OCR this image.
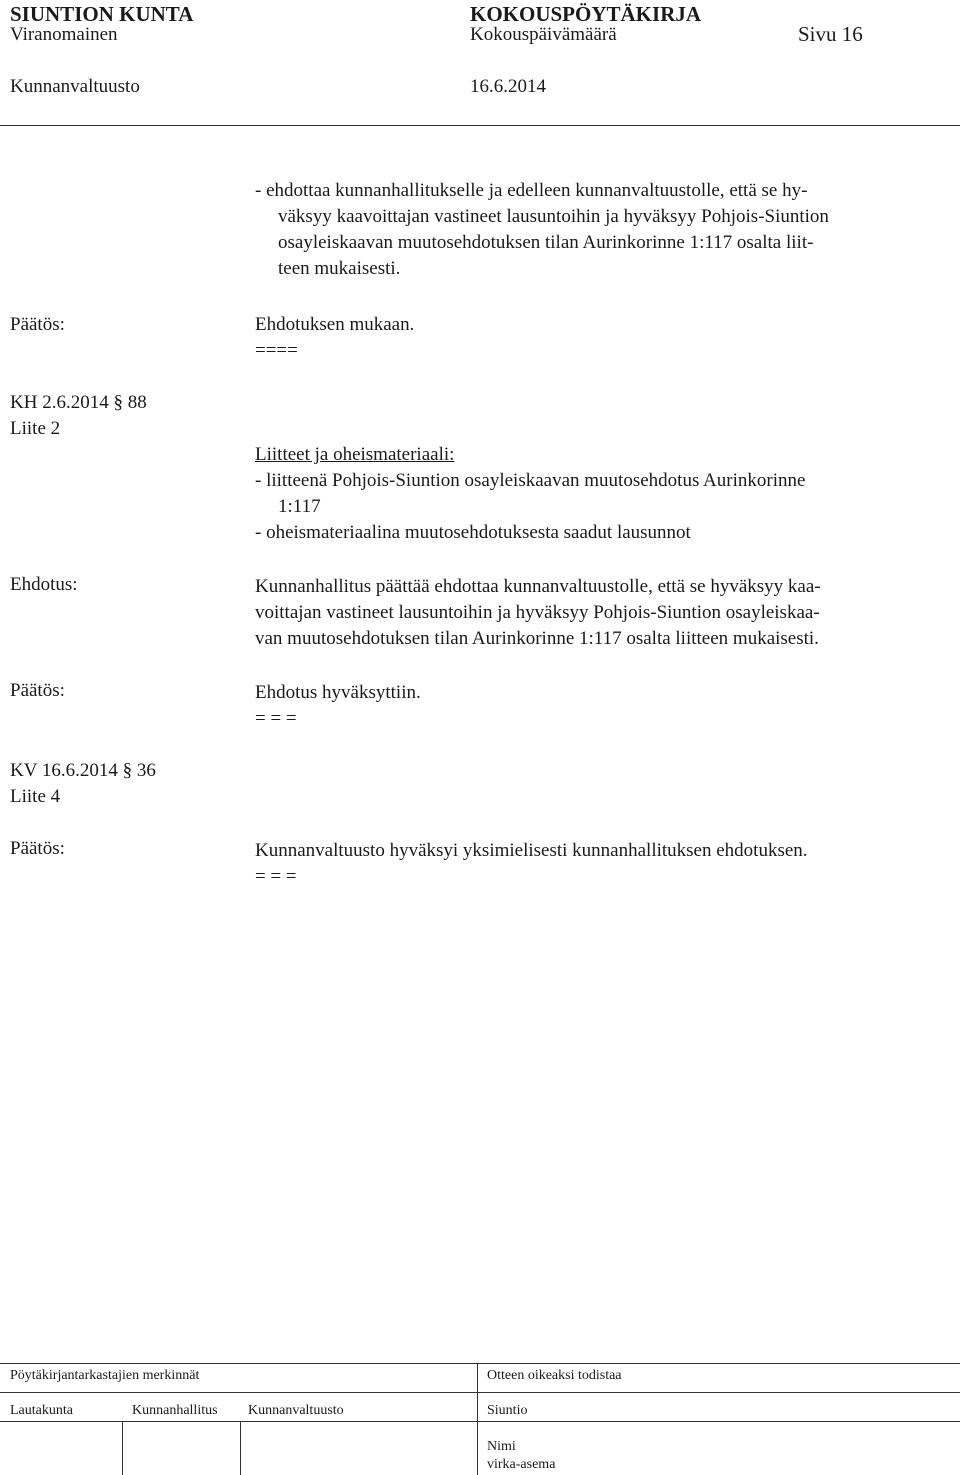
SIUNTION KUNTA	KOKOUSPÖYTÄKIRJA
Viranomainen	Kokouspäivämäärä	Sivu 16
Kunnanvaltuusto	16.6.2014
- ehdottaa kunnanhallitukselle ja edelleen kunnanvaltuustolle, että se hy-
väksyy kaavoittajan vastineet lausuntoihin ja hyväksyy Pohjois-Siuntion
osayleiskaavan muutosehdotuksen tilan Aurinkorinne 1:117 osalta liit-
teen mukaisesti.
Päätös:	Ehdotuksen mukaan.
====
KH 2.6.2014 § 88
Liite 2
Liitteet ja oheismateriaali:
- liitteenä Pohjois-Siuntion osayleiskaavan muutosehdotus Aurinkorinne
1:117
- oheismateriaalina muutosehdotuksesta saadut lausunnot
Ehdotus:	Kunnanhallitus päättää ehdottaa kunnanvaltuustolle, että se hyväksyy kaa-
voittajan vastineet lausuntoihin ja hyväksyy Pohjois-Siuntion osayleiskaa-
van muutosehdotuksen tilan Aurinkorinne 1:117 osalta liitteen mukaisesti.
Päätös:	Ehdotus hyväksyttiin.
= = =
KV 16.6.2014 § 36
Liite 4
Päätös:	Kunnanvaltuusto hyväksyi yksimielisesti kunnanhallituksen ehdotuksen.
= = =
Pöytäkirjantarkastajien merkinnät	Otteen oikeaksi todistaa
Lautakunta	Kunnanhallitus Kunnanvaltuusto	Siuntio
Nimi
virka-asema
